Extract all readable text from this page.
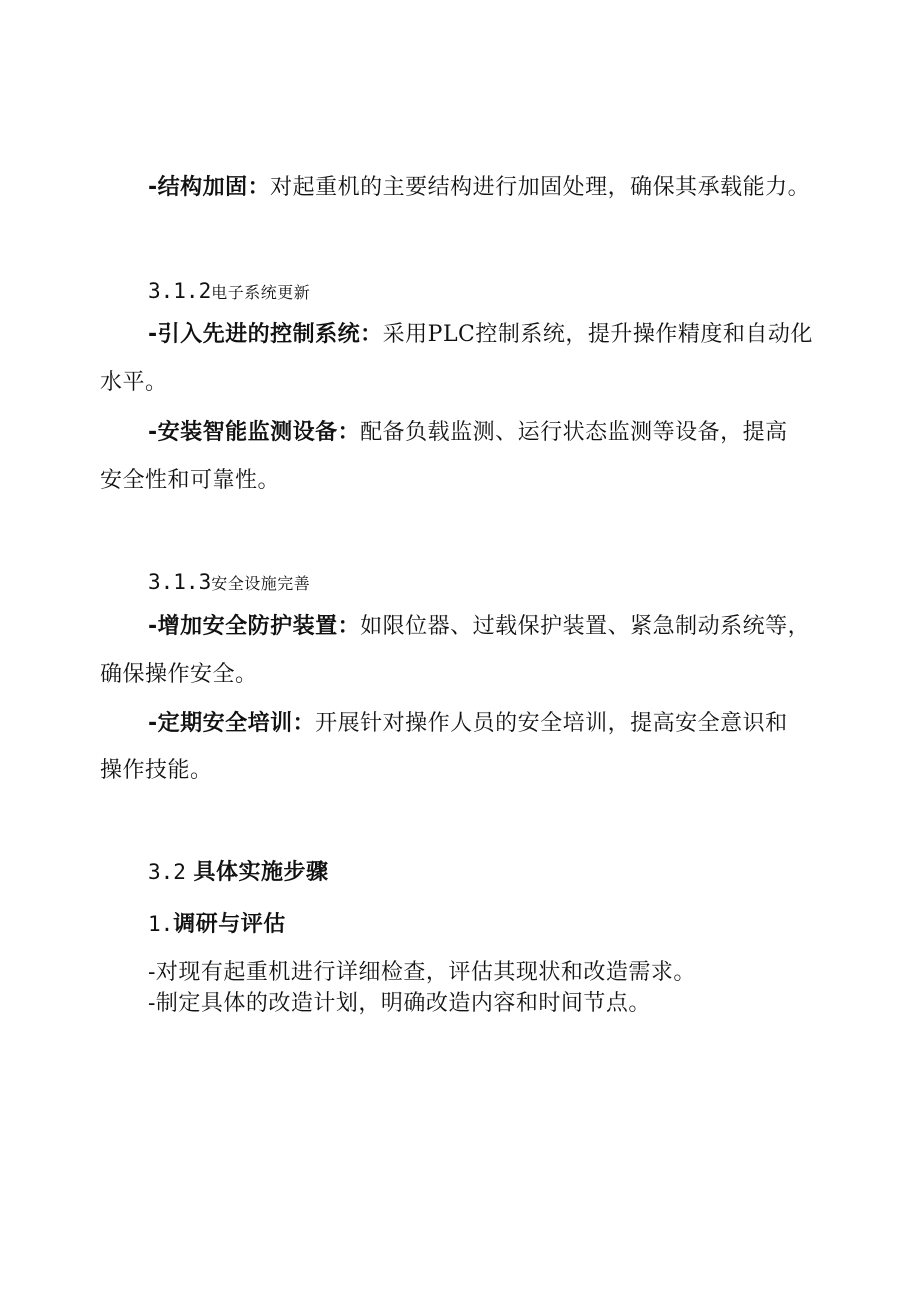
-结构加固：对起重机的主要结构进行加固处理，确保其承载能力。
3.1.2电子系统更新
-引入先进的控制系统：采用PLC控制系统，提升操作精度和自动化
水平。
-安装智能监测设备：配备负载监测、运行状态监测等设备，提高
安全性和可靠性。
3.1.3安全设施完善
-增加安全防护装置：如限位器、过载保护装置、紧急制动系统等，
确保操作安全。
-定期安全培训：开展针对操作人员的安全培训，提高安全意识和
操作技能。
3.2 具体实施步骤
1.调研与评估
-对现有起重机进行详细检查，评估其现状和改造需求。
-制定具体的改造计划，明确改造内容和时间节点。
